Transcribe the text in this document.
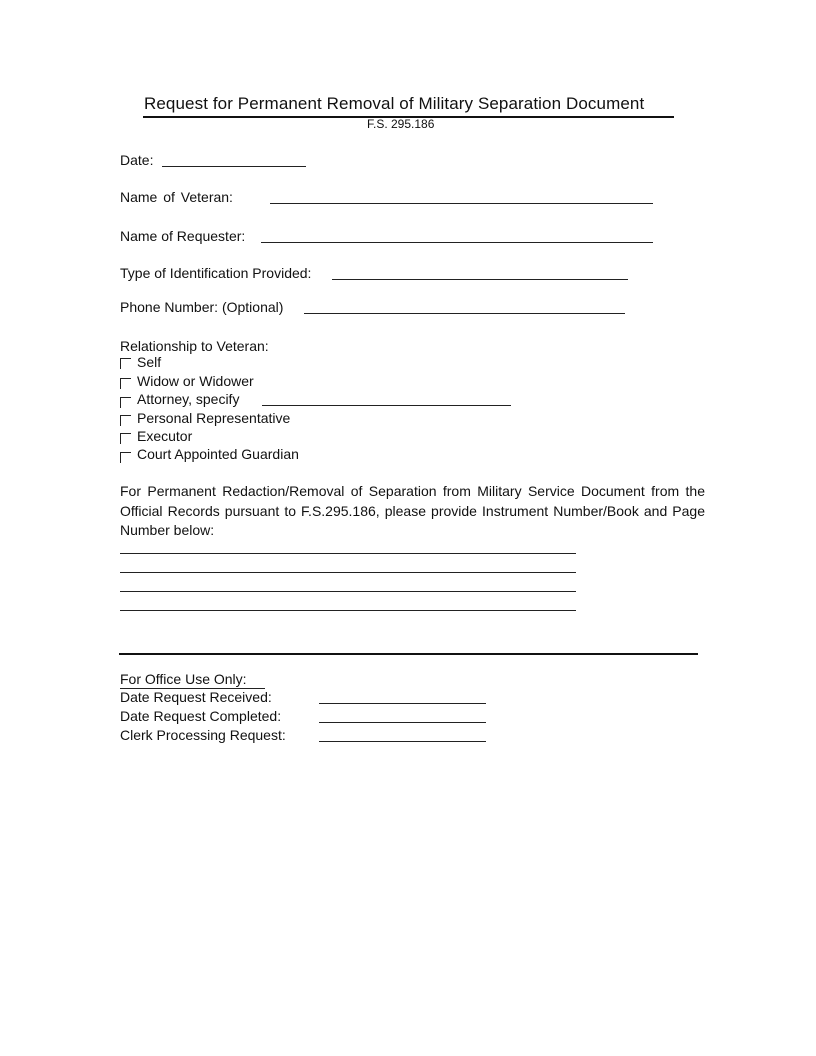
Request for Permanent Removal of Military Separation Document
F.S. 295.186
Date:
Name of Veteran:
Name of Requester:
Type of Identification Provided:
Phone Number: (Optional)
Relationship to Veteran:
Self
Widow or Widower
Attorney, specify
Personal Representative
Executor
Court Appointed Guardian
For Permanent Redaction/Removal of Separation from Military Service Document from the Official Records pursuant to F.S.295.186, please provide Instrument Number/Book and Page Number below:
For Office Use Only:
Date Request Received:
Date Request Completed:
Clerk Processing Request:
